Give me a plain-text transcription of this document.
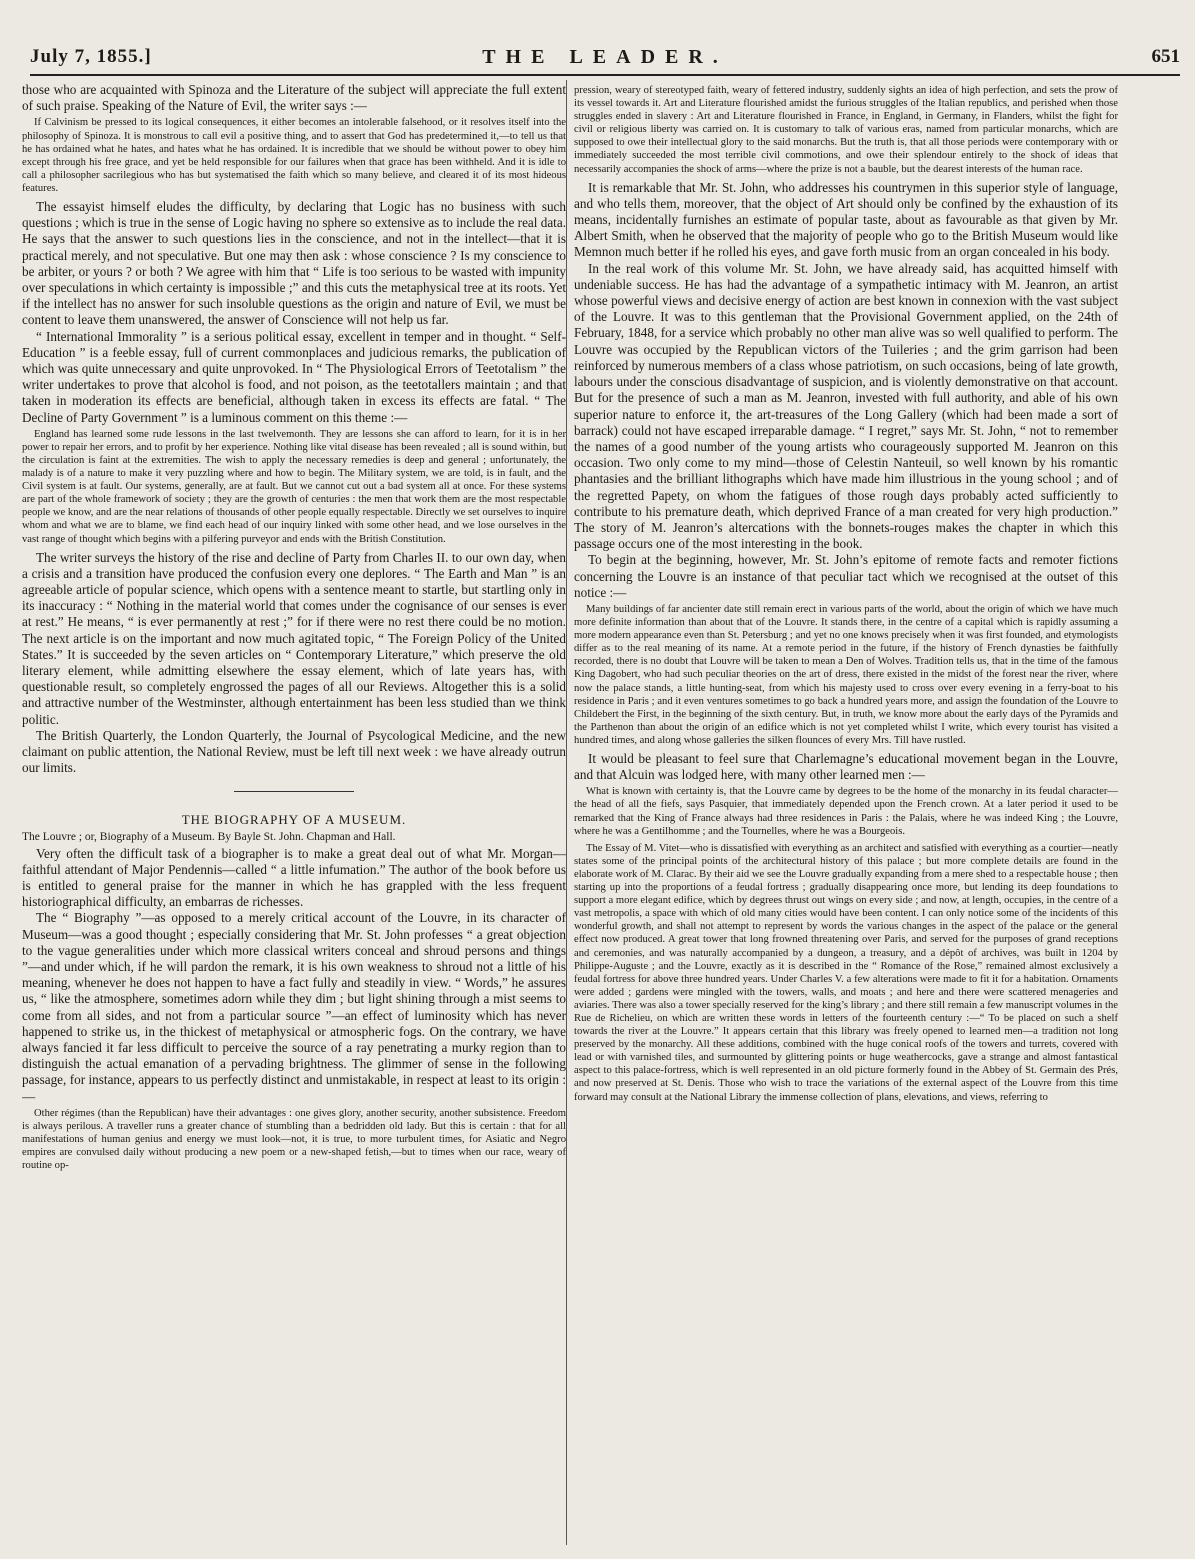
July 7, 1855.]	THE LEADER.	651

those who are acquainted with Spinoza and the Literature of the subject will appreciate the full extent of such praise. Speaking of the Nature of Evil, the writer says :—

If Calvinism be pressed to its logical consequences, it either becomes an intolerable falsehood, or it resolves itself into the philosophy of Spinoza. It is monstrous to call evil a positive thing, and to assert that God has predetermined it,—to tell us that he has ordained what he hates, and hates what he has ordained. It is incredible that we should be without power to obey him except through his free grace, and yet be held responsible for our failures when that grace has been withheld. And it is idle to call a philosopher sacrilegious who has but systematised the faith which so many believe, and cleared it of its most hideous features.

The essayist himself eludes the difficulty, by declaring that Logic has no business with such questions ; which is true in the sense of Logic having no sphere so extensive as to include the real data. He says that the answer to such questions lies in the conscience, and not in the intellect—that it is practical merely, and not speculative. But one may then ask : whose conscience ? Is my conscience to be arbiter, or yours ? or both ? We agree with him that “ Life is too serious to be wasted with impunity over speculations in which certainty is impossible ;” and this cuts the metaphysical tree at its roots. Yet if the intellect has no answer for such insoluble questions as the origin and nature of Evil, we must be content to leave them unanswered, the answer of Conscience will not help us far.

“ International Immorality ” is a serious political essay, excellent in temper and in thought. “ Self-Education ” is a feeble essay, full of current commonplaces and judicious remarks, the publication of which was quite unnecessary and quite unprovoked. In “ The Physiological Errors of Teetotalism ” the writer undertakes to prove that alcohol is food, and not poison, as the teetotallers maintain ; and that taken in moderation its effects are beneficial, although taken in excess its effects are fatal. “ The Decline of Party Government ” is a luminous comment on this theme :—

England has learned some rude lessons in the last twelvemonth. They are lessons she can afford to learn, for it is in her power to repair her errors, and to profit by her experience. Nothing like vital disease has been revealed ; all is sound within, but the circulation is faint at the extremities. The wish to apply the necessary remedies is deep and general ; unfortunately, the malady is of a nature to make it very puzzling where and how to begin. The Military system, we are told, is in fault, and the Civil system is at fault. Our systems, generally, are at fault. But we cannot cut out a bad system all at once. For these systems are part of the whole framework of society ; they are the growth of centuries : the men that work them are the most respectable people we know, and are the near relations of thousands of other people equally respectable. Directly we set ourselves to inquire whom and what we are to blame, we find each head of our inquiry linked with some other head, and we lose ourselves in the vast range of thought which begins with a pilfering purveyor and ends with the British Constitution.

The writer surveys the history of the rise and decline of Party from Charles II. to our own day, when a crisis and a transition have produced the confusion every one deplores. “ The Earth and Man ” is an agreeable article of popular science, which opens with a sentence meant to startle, but startling only in its inaccuracy : “ Nothing in the material world that comes under the cognisance of our senses is ever at rest.” He means, “ is ever permanently at rest ;” for if there were no rest there could be no motion. The next article is on the important and now much agitated topic, “ The Foreign Policy of the United States.” It is succeeded by the seven articles on “ Contemporary Literature,” which preserve the old literary element, while admitting elsewhere the essay element, which of late years has, with questionable result, so completely engrossed the pages of all our Reviews. Altogether this is a solid and attractive number of the Westminster, although entertainment has been less studied than we think politic.

The British Quarterly, the London Quarterly, the Journal of Psycological Medicine, and the new claimant on public attention, the National Review, must be left till next week : we have already outrun our limits.

THE BIOGRAPHY OF A MUSEUM.

The Louvre ; or, Biography of a Museum. By Bayle St. John. Chapman and Hall.

Very often the difficult task of a biographer is to make a great deal out of what Mr. Morgan—faithful attendant of Major Pendennis—called “ a little infumation.” The author of the book before us is entitled to general praise for the manner in which he has grappled with the less frequent historiographical difficulty, an embarras de richesses.

The “ Biography ”—as opposed to a merely critical account of the Louvre, in its character of Museum—was a good thought ; especially considering that Mr. St. John professes “ a great objection to the vague generalities under which more classical writers conceal and shroud persons and things ”—and under which, if he will pardon the remark, it is his own weakness to shroud not a little of his meaning, whenever he does not happen to have a fact fully and steadily in view. “ Words,” he assures us, “ like the atmosphere, sometimes adorn while they dim ; but light shining through a mist seems to come from all sides, and not from a particular source ”—an effect of luminosity which has never happened to strike us, in the thickest of metaphysical or atmospheric fogs. On the contrary, we have always fancied it far less difficult to perceive the source of a ray penetrating a murky region than to distinguish the actual emanation of a pervading brightness. The glimmer of sense in the following passage, for instance, appears to us perfectly distinct and unmistakable, in respect at least to its origin :—

Other régimes (than the Republican) have their advantages : one gives glory, another security, another subsistence. Freedom is always perilous. A traveller runs a greater chance of stumbling than a bedridden old lady. But this is certain : that for all manifestations of human genius and energy we must look—not, it is true, to more turbulent times, for Asiatic and Negro empires are convulsed daily without producing a new poem or a new-shaped fetish,—but to times when our race, weary of routine op-

pression, weary of stereotyped faith, weary of fettered industry, suddenly sights an idea of high perfection, and sets the prow of its vessel towards it. Art and Literature flourished amidst the furious struggles of the Italian republics, and perished when those struggles ended in slavery : Art and Literature flourished in France, in England, in Germany, in Flanders, whilst the fight for civil or religious liberty was carried on. It is customary to talk of various eras, named from particular monarchs, which are supposed to owe their intellectual glory to the said monarchs. But the truth is, that all those periods were contemporary with or immediately succeeded the most terrible civil commotions, and owe their splendour entirely to the shock of ideas that necessarily accompanies the shock of arms—where the prize is not a bauble, but the dearest interests of the human race.

It is remarkable that Mr. St. John, who addresses his countrymen in this superior style of language, and who tells them, moreover, that the object of Art should only be confined by the exhaustion of its means, incidentally furnishes an estimate of popular taste, about as favourable as that given by Mr. Albert Smith, when he observed that the majority of people who go to the British Museum would like Memnon much better if he rolled his eyes, and gave forth music from an organ concealed in his body.

In the real work of this volume Mr. St. John, we have already said, has acquitted himself with undeniable success. He has had the advantage of a sympathetic intimacy with M. Jeanron, an artist whose powerful views and decisive energy of action are best known in connexion with the vast subject of the Louvre. It was to this gentleman that the Provisional Government applied, on the 24th of February, 1848, for a service which probably no other man alive was so well qualified to perform. The Louvre was occupied by the Republican victors of the Tuileries ; and the grim garrison had been reinforced by numerous members of a class whose patriotism, on such occasions, being of late growth, labours under the conscious disadvantage of suspicion, and is violently demonstrative on that account. But for the presence of such a man as M. Jeanron, invested with full authority, and able of his own superior nature to enforce it, the art-treasures of the Long Gallery (which had been made a sort of barrack) could not have escaped irreparable damage. “ I regret,” says Mr. St. John, “ not to remember the names of a good number of the young artists who courageously supported M. Jeanron on this occasion. Two only come to my mind—those of Celestin Nanteuil, so well known by his romantic phantasies and the brilliant lithographs which have made him illustrious in the young school ; and of the regretted Papety, on whom the fatigues of those rough days probably acted sufficiently to contribute to his premature death, which deprived France of a man created for very high production.” The story of M. Jeanron’s altercations with the bonnets-rouges makes the chapter in which this passage occurs one of the most interesting in the book.

To begin at the beginning, however, Mr. St. John’s epitome of remote facts and remoter fictions concerning the Louvre is an instance of that peculiar tact which we recognised at the outset of this notice :—

Many buildings of far ancienter date still remain erect in various parts of the world, about the origin of which we have much more definite information than about that of the Louvre. It stands there, in the centre of a capital which is rapidly assuming a more modern appearance even than St. Petersburg ; and yet no one knows precisely when it was first founded, and etymologists differ as to the real meaning of its name. At a remote period in the future, if the history of French dynasties be faithfully recorded, there is no doubt that Louvre will be taken to mean a Den of Wolves. Tradition tells us, that in the time of the famous King Dagobert, who had such peculiar theories on the art of dress, there existed in the midst of the forest near the river, where now the palace stands, a little hunting-seat, from which his majesty used to cross over every evening in a ferry-boat to his residence in Paris ; and it even ventures sometimes to go back a hundred years more, and assign the foundation of the Louvre to Childebert the First, in the beginning of the sixth century. But, in truth, we know more about the early days of the Pyramids and the Parthenon than about the origin of an edifice which is not yet completed whilst I write, which every tourist has visited a hundred times, and along whose galleries the silken flounces of every Mrs. Till have rustled.

It would be pleasant to feel sure that Charlemagne’s educational movement began in the Louvre, and that Alcuin was lodged here, with many other learned men :—

What is known with certainty is, that the Louvre came by degrees to be the home of the monarchy in its feudal character—the head of all the fiefs, says Pasquier, that immediately depended upon the French crown. At a later period it used to be remarked that the King of France always had three residences in Paris : the Palais, where he was indeed King ; the Louvre, where he was a Gentilhomme ; and the Tournelles, where he was a Bourgeois.

The Essay of M. Vitet—who is dissatisfied with everything as an architect and satisfied with everything as a courtier—neatly states some of the principal points of the architectural history of this palace ; but more complete details are found in the elaborate work of M. Clarac. By their aid we see the Louvre gradually expanding from a mere shed to a respectable house ; then starting up into the proportions of a feudal fortress ; gradually disappearing once more, but lending its deep foundations to support a more elegant edifice, which by degrees thrust out wings on every side ; and now, at length, occupies, in the centre of a vast metropolis, a space with which of old many cities would have been content. I can only notice some of the incidents of this wonderful growth, and shall not attempt to represent by words the various changes in the aspect of the palace or the general effect now produced. A great tower that long frowned threatening over Paris, and served for the purposes of grand receptions and ceremonies, and was naturally accompanied by a dungeon, a treasury, and a dépôt of archives, was built in 1204 by Philippe-Auguste ; and the Louvre, exactly as it is described in the “ Romance of the Rose,” remained almost exclusively a feudal fortress for above three hundred years. Under Charles V. a few alterations were made to fit it for a habitation. Ornaments were added ; gardens were mingled with the towers, walls, and moats ; and here and there were scattered menageries and aviaries. There was also a tower specially reserved for the king’s library ; and there still remain a few manuscript volumes in the Rue de Richelieu, on which are written these words in letters of the fourteenth century :—“ To be placed on such a shelf towards the river at the Louvre.” It appears certain that this library was freely opened to learned men—a tradition not long preserved by the monarchy. All these additions, combined with the huge conical roofs of the towers and turrets, covered with lead or with varnished tiles, and surmounted by glittering points or huge weathercocks, gave a strange and almost fantastical aspect to this palace-fortress, which is well represented in an old picture formerly found in the Abbey of St. Germain des Prés, and now preserved at St. Denis. Those who wish to trace the variations of the external aspect of the Louvre from this time forward may consult at the National Library the immense collection of plans, elevations, and views, referring to
